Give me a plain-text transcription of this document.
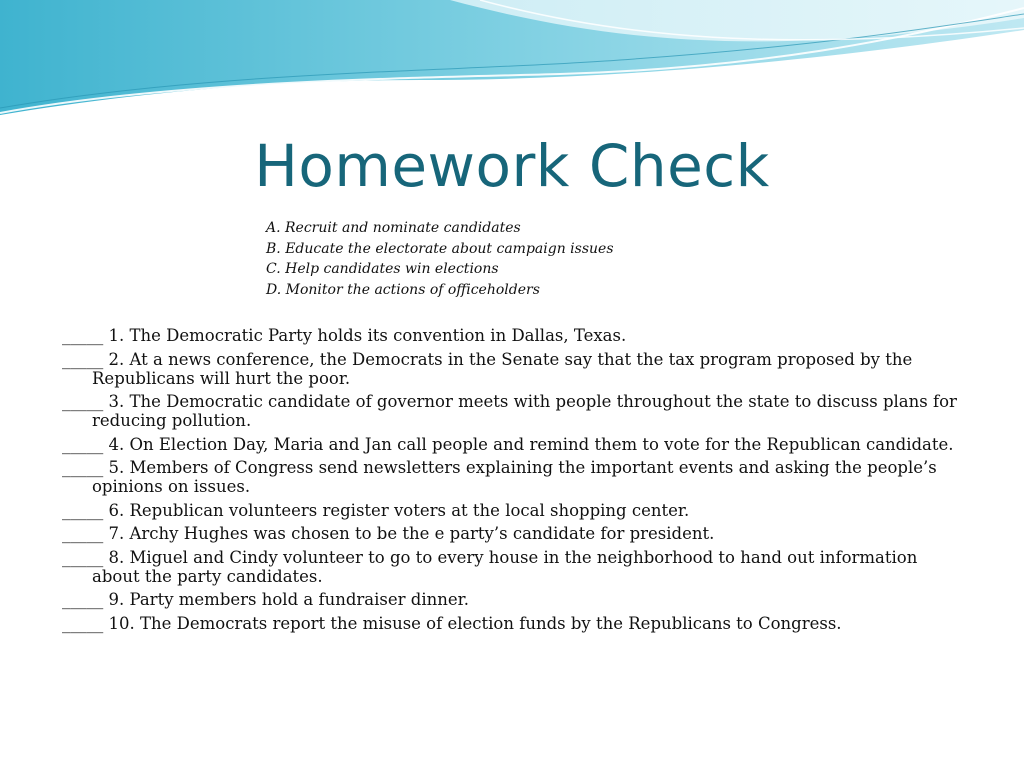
Homework Check
A. Recruit and nominate candidates
B. Educate the electorate about campaign issues
C. Help candidates win elections
D. Monitor the actions of officeholders
_____ 1. The Democratic Party holds its convention in Dallas, Texas.
_____ 2. At a news conference, the Democrats in the Senate say that the tax program proposed by the Republicans will hurt the poor.
_____ 3. The Democratic candidate of governor meets with people throughout the state to discuss plans for reducing pollution.
_____ 4. On Election Day, Maria and Jan call people and remind them to vote for the Republican candidate.
_____ 5. Members of Congress send newsletters explaining the important events and asking the people’s opinions on issues.
_____ 6. Republican volunteers register voters at the local shopping center.
_____ 7. Archy Hughes was chosen to be the e party’s candidate for president.
_____ 8. Miguel and Cindy volunteer to go to every house in the neighborhood to hand out information about the party candidates.
_____ 9. Party members hold a fundraiser dinner.
_____ 10. The Democrats report the misuse of election funds by the Republicans to Congress.
